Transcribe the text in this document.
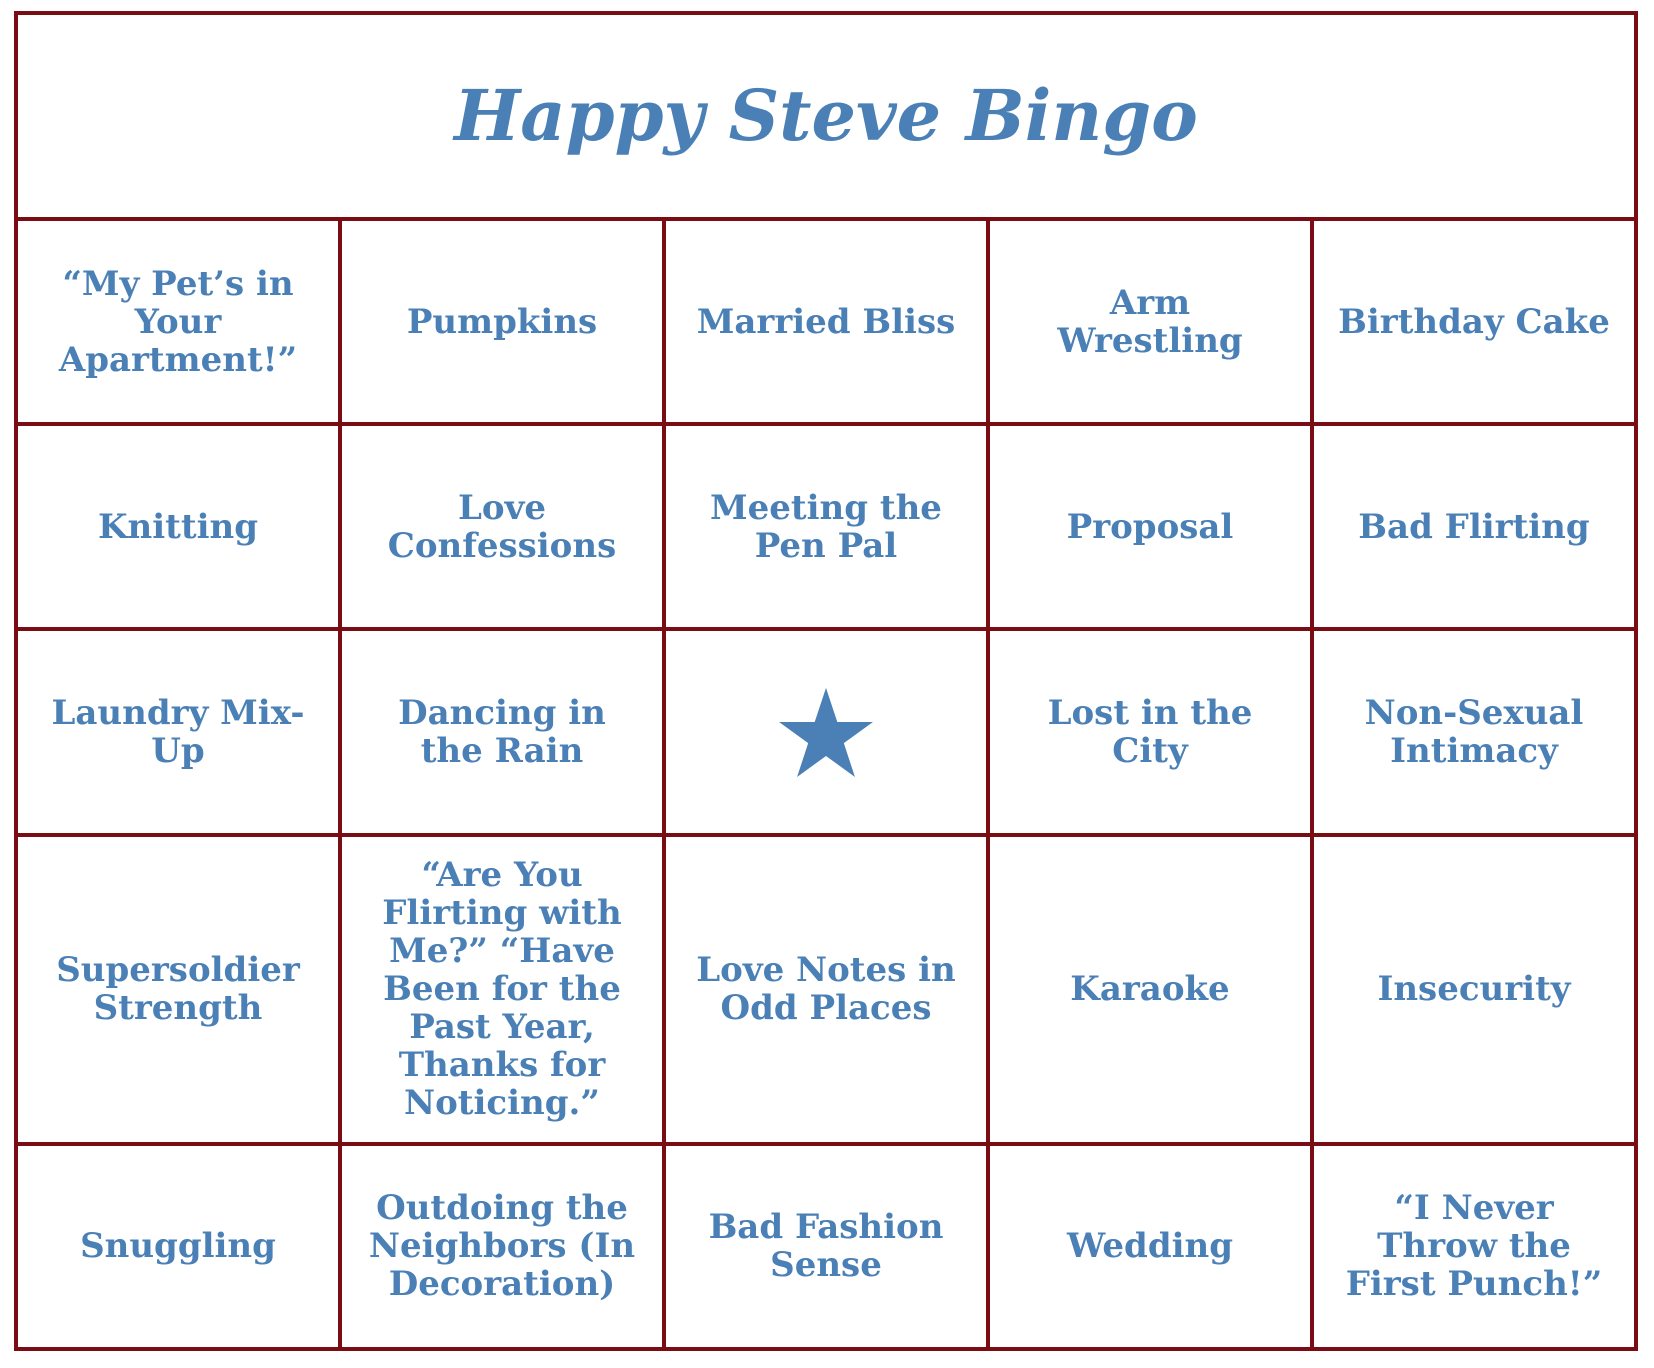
Happy Steve Bingo				
“My Pet’s in Your Apartment!”	Pumpkins	Married Bliss	Arm Wrestling	Birthday Cake
Knitting	Love Confessions	Meeting the Pen Pal	Proposal	Bad Flirting
Laundry Mix-Up	Dancing in the Rain		Lost in the City	Non-Sexual Intimacy
Supersoldier Strength	“Are You Flirting with Me?” “Have Been for the Past Year, Thanks for Noticing.”	Love Notes in Odd Places	Karaoke	Insecurity
Snuggling	Outdoing the Neighbors (In Decoration)	Bad Fashion Sense	Wedding	“I Never Throw the First Punch!”
